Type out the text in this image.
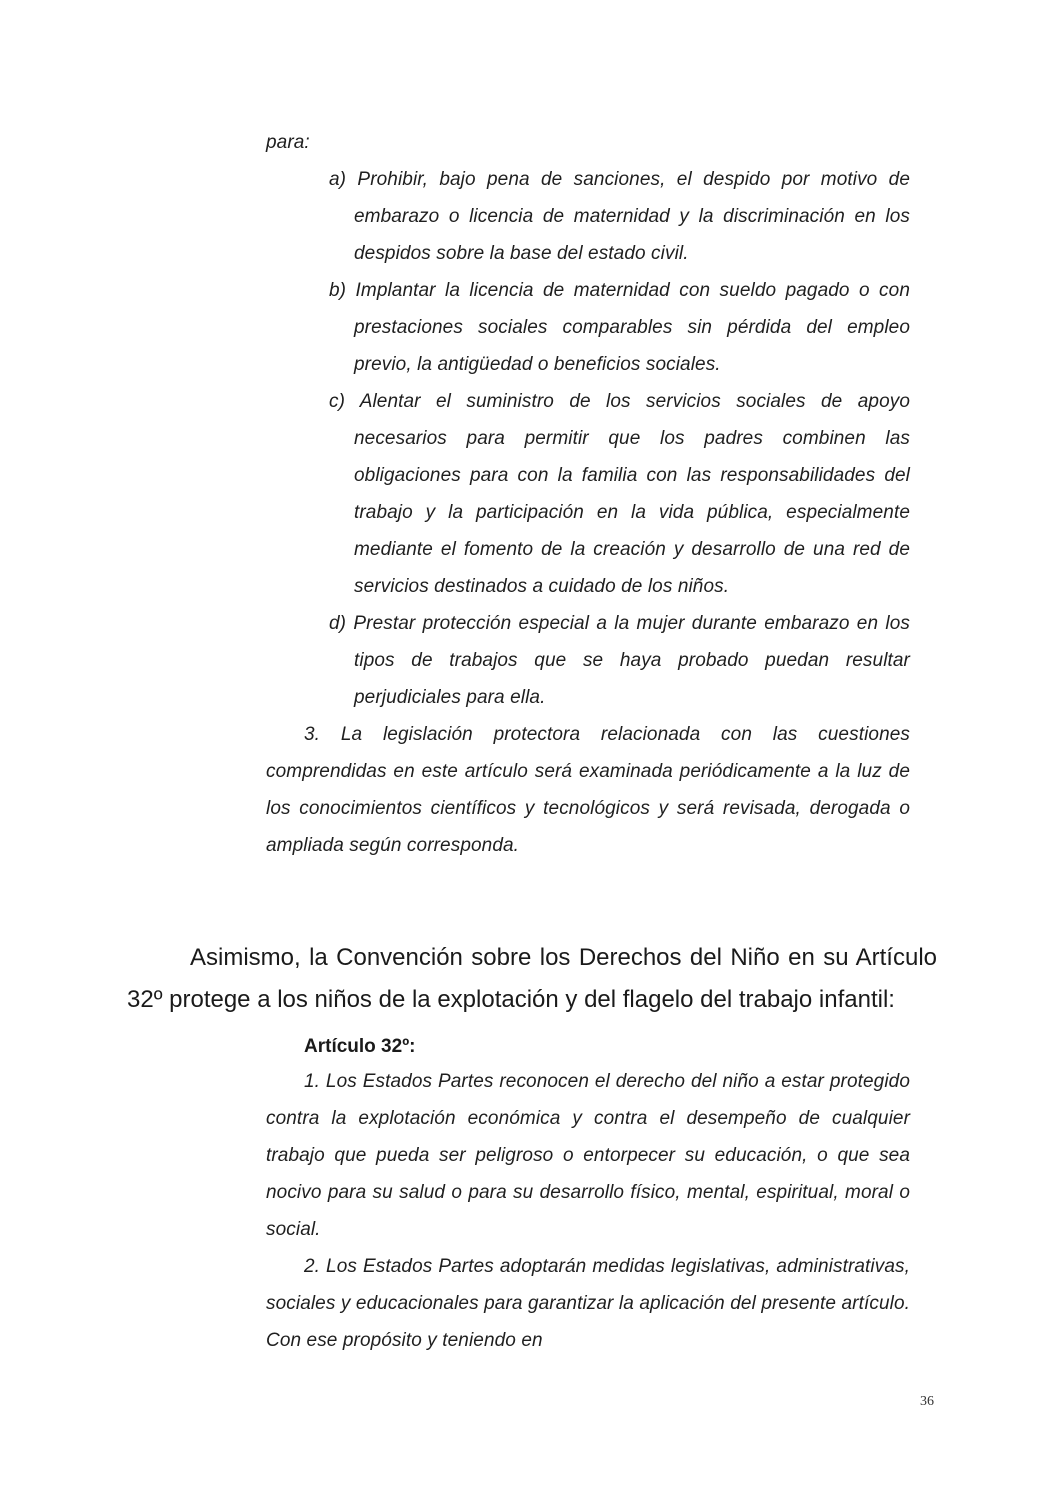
para:

a) Prohibir, bajo pena de sanciones, el despido por motivo de embarazo o licencia de maternidad y la discriminación en los despidos sobre la base del estado civil.

b) Implantar la licencia de maternidad con sueldo pagado o con prestaciones sociales comparables sin pérdida del empleo previo, la antigüedad o beneficios sociales.

c) Alentar el suministro de los servicios sociales de apoyo necesarios para permitir que los padres combinen las obligaciones para con la familia con las responsabilidades del trabajo y la participación en la vida pública, especialmente mediante el fomento de la creación y desarrollo de una red de servicios destinados a cuidado de los niños.

d) Prestar protección especial a la mujer durante embarazo en los tipos de trabajos que se haya probado puedan resultar perjudiciales para ella.

3. La legislación protectora relacionada con las cuestiones comprendidas en este artículo será examinada periódicamente a la luz de los conocimientos científicos y tecnológicos y será revisada, derogada o ampliada según corresponda.

Asimismo, la Convención sobre los Derechos del Niño en su Artículo 32º protege a los niños de la explotación y del flagelo del trabajo infantil:

Artículo 32º:

1. Los Estados Partes reconocen el derecho del niño a estar protegido contra la explotación económica y contra el desempeño de cualquier trabajo que pueda ser peligroso o entorpecer su educación, o que sea nocivo para su salud o para su desarrollo físico, mental, espiritual, moral o social.

2. Los Estados Partes adoptarán medidas legislativas, administrativas, sociales y educacionales para garantizar la aplicación del presente artículo. Con ese propósito y teniendo en

36
